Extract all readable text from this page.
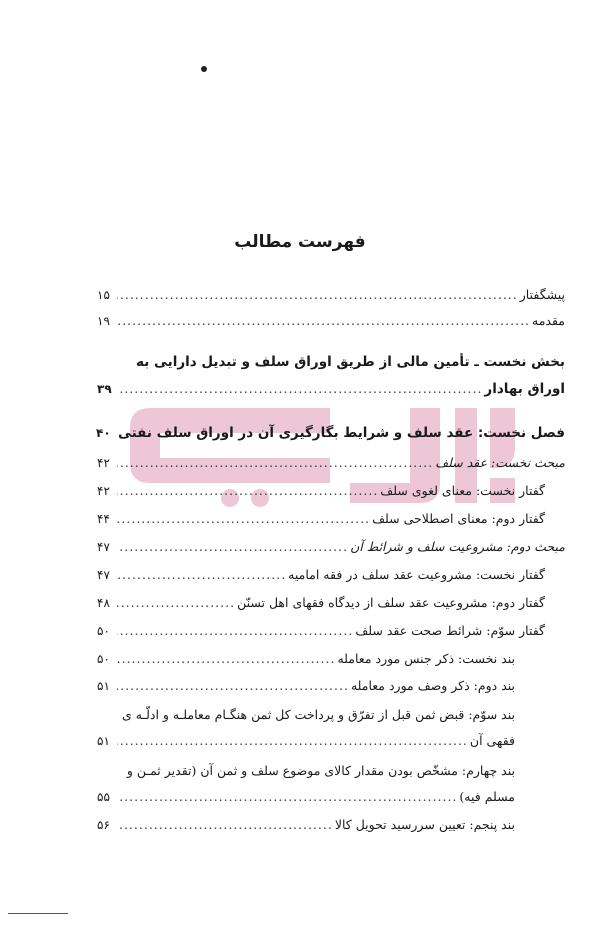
فهرست مطالب
پیشگفتار
.....
۱۵
مقدمه
.....
۱۹
بخش نخست ـ تأمین مالی از طریق اوراق سلف و تبدیل دارایی به
اوراق بهادار
.....
۳۹
فصل نخست: عقد سلف و شرایط بگارگیری آن در اوراق سلف نفتی
۴۰
مبحث نخست: عقد سلف
.....
۴۲
گفتار نخست: معنای لغوی سلف
.....
۴۲
گفتار دوم: معنای اصطلاحی سلف
.....
۴۴
مبحث دوم: مشروعیت سلف و شرائط آن
.....
۴۷
گفتار نخست: مشروعیت عقد سلف در فقه امامیه
.....
۴۷
گفتار دوم: مشروعیت عقد سلف از دیدگاه فقهای اهل تسنّن
.....
۴۸
گفتار سوّم: شرائط صحت عقد سلف
.....
۵۰
بند نخست: ذکر جنس مورد معامله
.....
۵۰
بند دوم: ذکر وصف مورد معامله
.....
۵۱
بند سوّم: قبض ثمن قبل از تفرّق و پرداخت کل ثمن هنگـام معاملـه و ادلّـه ی
فقهی آن
.....
۵۱
بند چهارم: مشخّص بودن مقدار کالای موضوع سلف و ثمن آن (تقدیر ثمـن و
مسلم فیه)
.....
۵۵
بند پنجم: تعیین سررسید تحویل کالا
.....
۵۶
